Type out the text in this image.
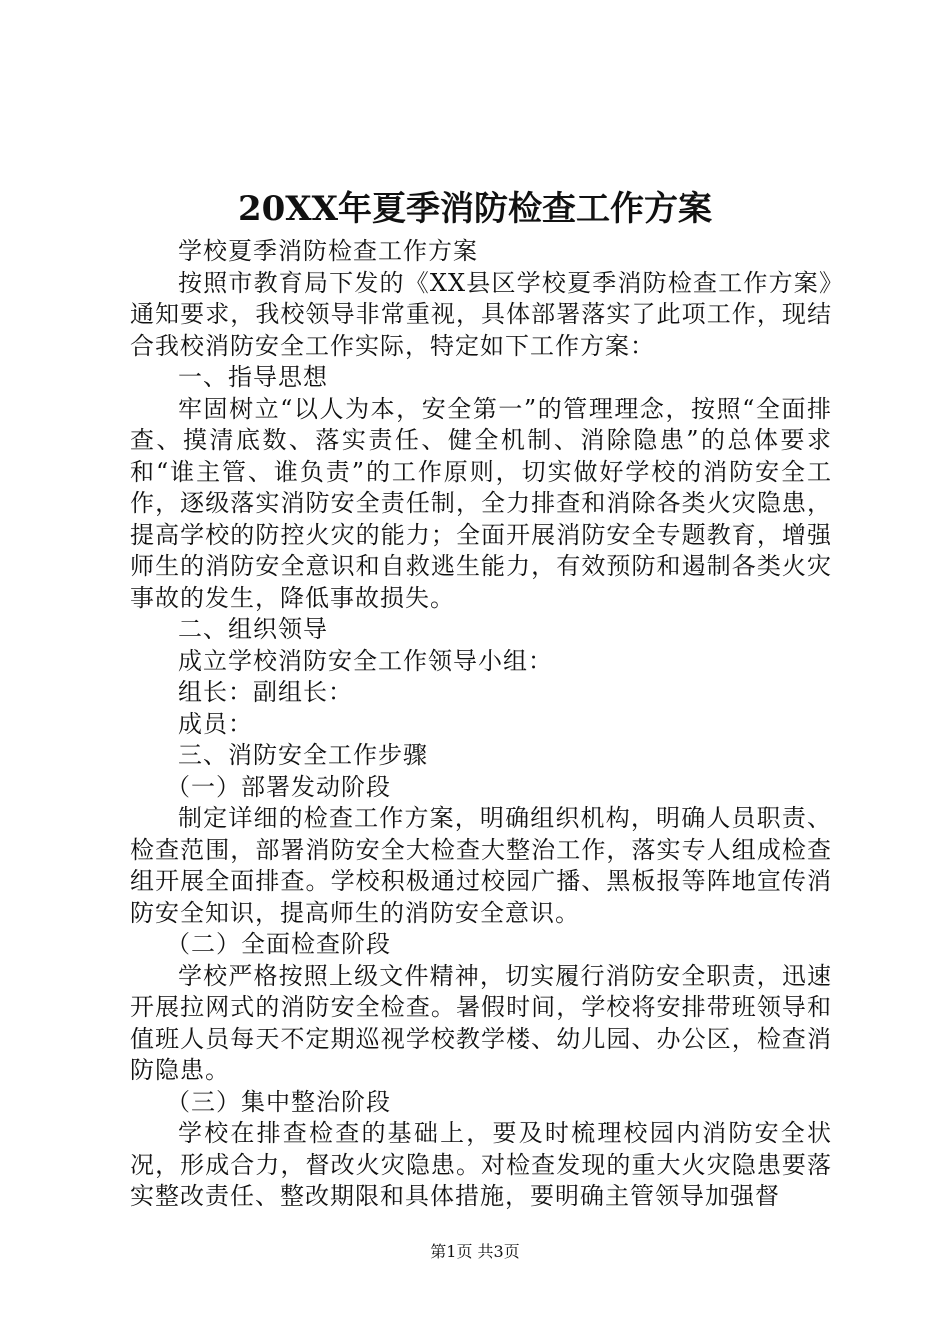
20XX年夏季消防检查工作方案

学校夏季消防检查工作方案

按照市教育局下发的《XX县区学校夏季消防检查工作方案》通知要求，我校领导非常重视，具体部署落实了此项工作，现结合我校消防安全工作实际，特定如下工作方案：

一、指导思想

牢固树立“以人为本，安全第一”的管理理念，按照“全面排查、摸清底数、落实责任、健全机制、消除隐患”的总体要求和“谁主管、谁负责”的工作原则，切实做好学校的消防安全工作，逐级落实消防安全责任制，全力排查和消除各类火灾隐患，提高学校的防控火灾的能力；全面开展消防安全专题教育，增强师生的消防安全意识和自救逃生能力，有效预防和遏制各类火灾事故的发生，降低事故损失。

二、组织领导

成立学校消防安全工作领导小组：

组长：副组长：

成员：

三、消防安全工作步骤

（一）部署发动阶段

制定详细的检查工作方案，明确组织机构，明确人员职责、检查范围，部署消防安全大检查大整治工作，落实专人组成检查组开展全面排查。学校积极通过校园广播、黑板报等阵地宣传消防安全知识，提高师生的消防安全意识。

（二）全面检查阶段

学校严格按照上级文件精神，切实履行消防安全职责，迅速开展拉网式的消防安全检查。暑假时间，学校将安排带班领导和值班人员每天不定期巡视学校教学楼、幼儿园、办公区，检查消防隐患。

（三）集中整治阶段

学校在排查检查的基础上，要及时梳理校园内消防安全状况，形成合力，督改火灾隐患。对检查发现的重大火灾隐患要落实整改责任、整改期限和具体措施，要明确主管领导加强督

第1页 共3页
